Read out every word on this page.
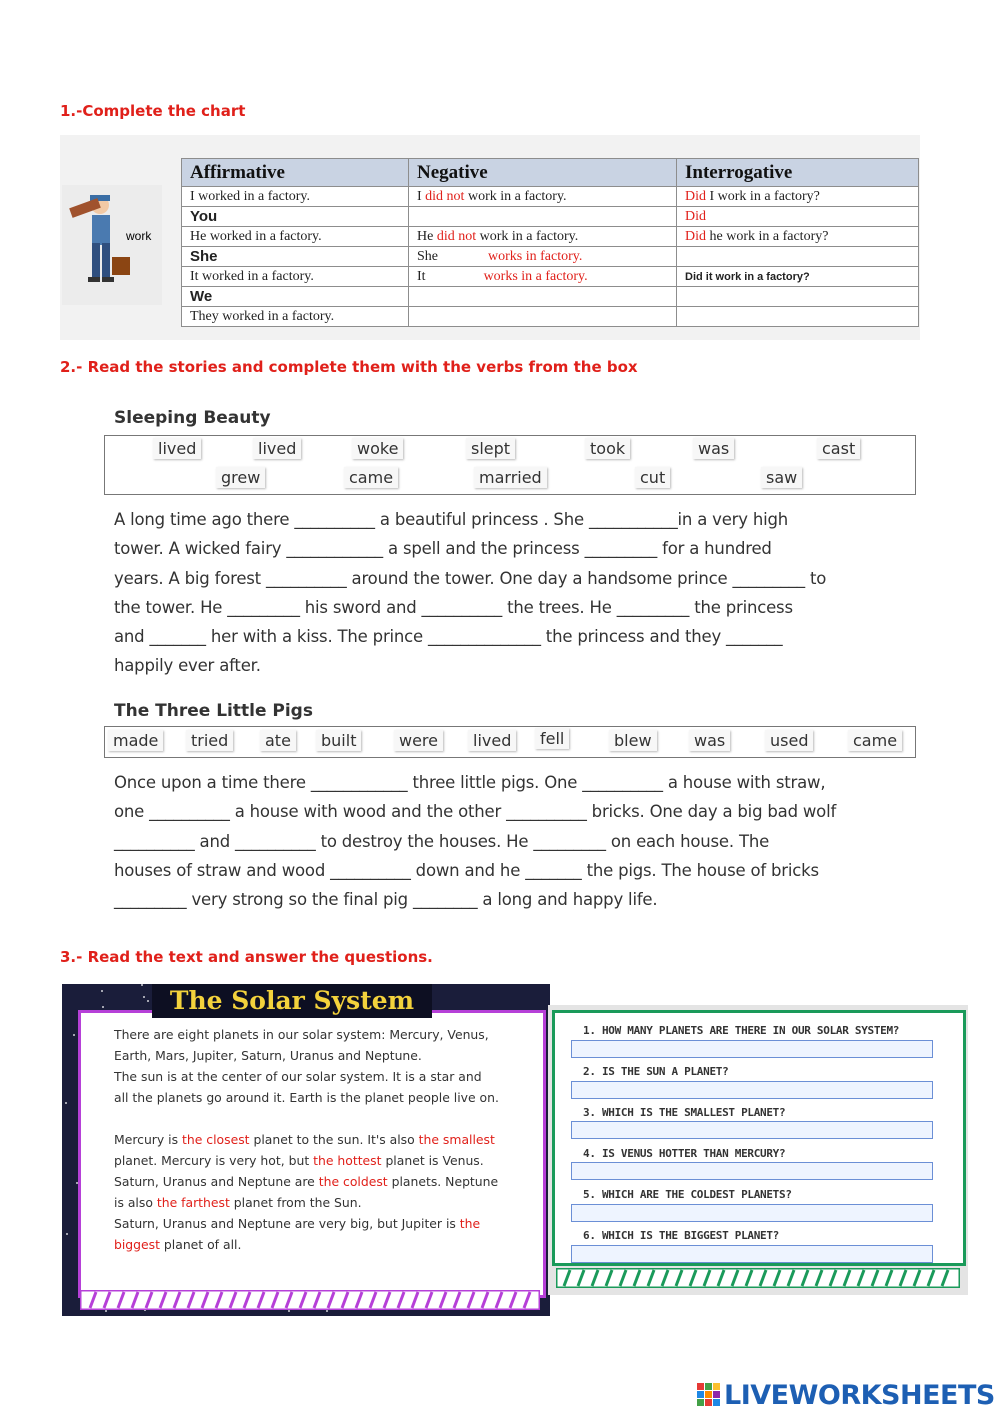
1.-Complete the chart
work
Affirmative	Negative	Interrogative
I worked in a factory.	I did not work in a factory.	Did I work in a factory?
You		Did
He worked in a factory.	He did not work in a factory.	Did he work in a factory?
She	She works in factory.	
It worked in a factory.	It works in a factory.	Did it work in a factory?
We		
They worked in a factory.		
2.- Read the stories and complete them with the verbs from the box
Sleeping Beauty
lived	lived	woke	slept	took	was	cast
grew	came	married	cut	saw
A long time ago there __________ a beautiful princess . She ___________in a very high
tower. A wicked fairy ____________ a spell and the princess _________ for a hundred
years. A big forest __________ around the tower. One day a handsome prince _________ to
the tower. He _________ his sword and __________ the trees. He _________ the princess
and _______ her with a kiss. The prince ______________ the princess and they _______
happily ever after.
The Three Little Pigs
made	tried	ate	built	were	lived	fell	blew	was	used	came
Once upon a time there ____________ three little pigs. One __________ a house with straw,
one __________ a house with wood and the other __________ bricks. One day a big bad wolf
__________ and __________ to destroy the houses. He _________ on each house. The
houses of straw and wood __________ down and he _______ the pigs. The house of bricks
_________ very strong so the final pig ________ a long and happy life.
3.- Read the text and answer the questions.
The Solar System
There are eight planets in our solar system: Mercury, Venus,
Earth, Mars, Jupiter, Saturn, Uranus and Neptune.
The sun is at the center of our solar system. It is a star and
all the planets go around it. Earth is the planet people live on.
Mercury is the closest planet to the sun. It's also the smallest
planet. Mercury is very hot, but the hottest planet is Venus.
Saturn, Uranus and Neptune are the coldest planets. Neptune
is also the farthest planet from the Sun.
Saturn, Uranus and Neptune are very big, but Jupiter is the
biggest planet of all.
1. HOW MANY PLANETS ARE THERE IN OUR SOLAR SYSTEM?
2. IS THE SUN A PLANET?
3. WHICH IS THE SMALLEST PLANET?
4. IS VENUS HOTTER THAN MERCURY?
5. WHICH ARE THE COLDEST PLANETS?
6. WHICH IS THE BIGGEST PLANET?
LIVEWORKSHEETS
